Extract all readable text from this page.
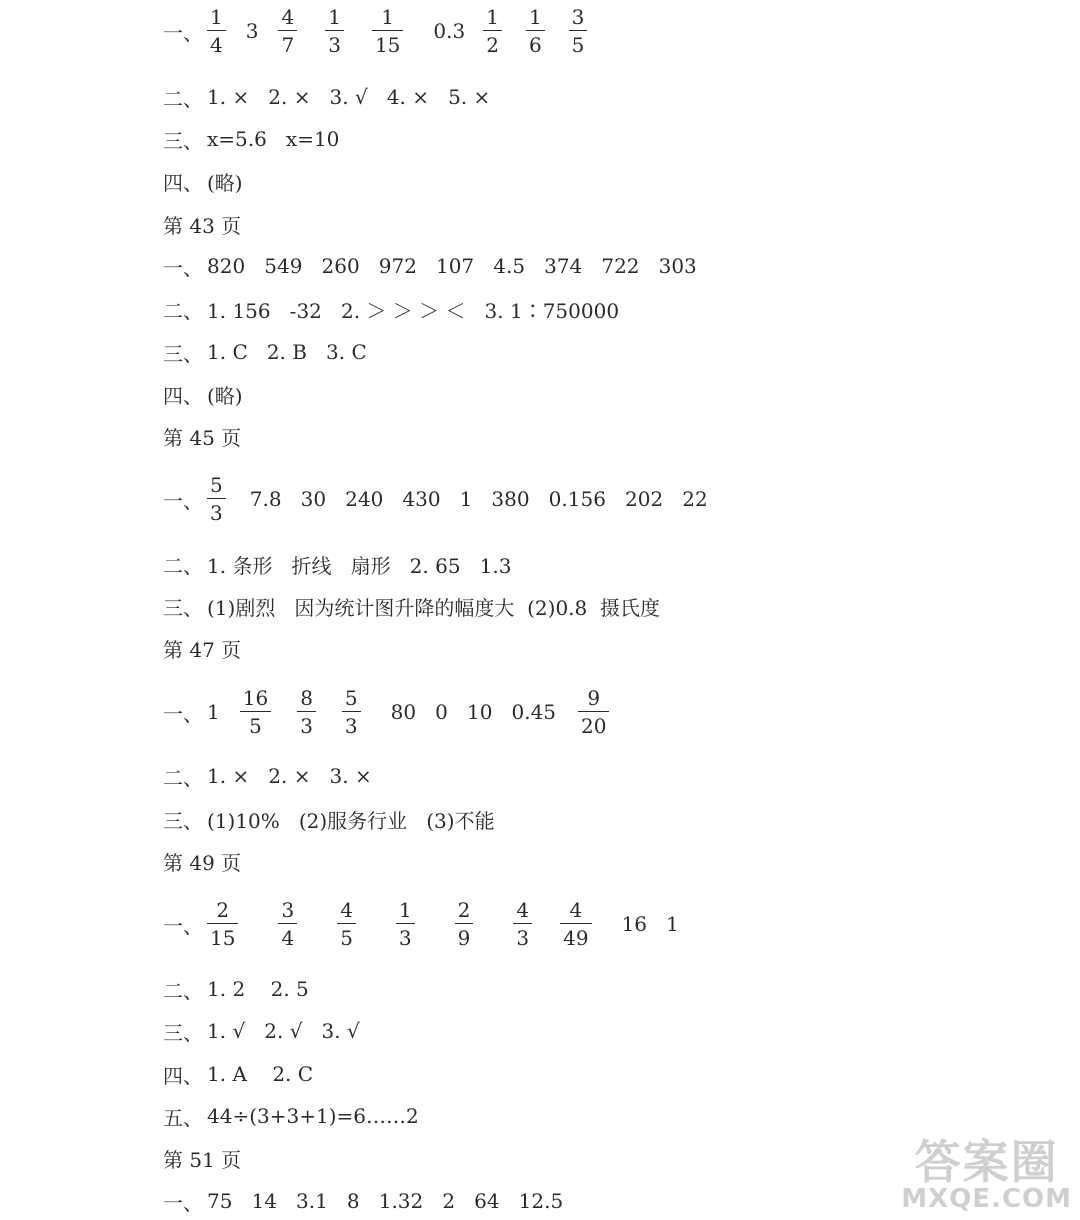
一、 $\frac{1}{4} 3 \frac{4}{7} \frac{1}{3} \frac{1}{15} 0.3 \frac{1}{2} \frac{1}{6} \frac{3}{5}$
二、 1. ×   2. ×   3. √   4. ×   5. ×
三、 x=5.6   x=10
四、 (略)
第 43 页
一、 820   549   260   972   107   4.5   374   722   303
二、 1. 156   -32   2. ＞ ＞ ＞ ＜   3. 1∶750000
三、 1. C   2. B   3. C
四、 (略)
第 45 页
一、 $\frac{5}{3} 7.8$   30   240   430   1   380   0.156   202   22
二、 1. 条形   折线   扇形   2. 65   1.3
三、 (1)剧烈   因为统计图升降的幅度大  (2)0.8  摄氏度
第 47 页
一、 $1 \frac{16}{5} \frac{8}{3} \frac{5}{3} 80$   0   10   $0.45 \frac{9}{20}$
二、 1. ×   2. ×   3. ×
三、 (1)10%   (2)服务行业   (3)不能
第 49 页
一、 $\frac{2}{15} \frac{3}{4} \frac{4}{5} \frac{1}{3} \frac{2}{9} \frac{4}{3} \frac{4}{49} 16$   1
二、 1. 2    2. 5
三、 1. √   2. √   3. √
四、 1. A    2. C
五、 44÷(3+3+1)=6……2
第 51 页
一、 75   14   3.1   8   1.32   2   64   12.5
答案圈
MXQE.COM
